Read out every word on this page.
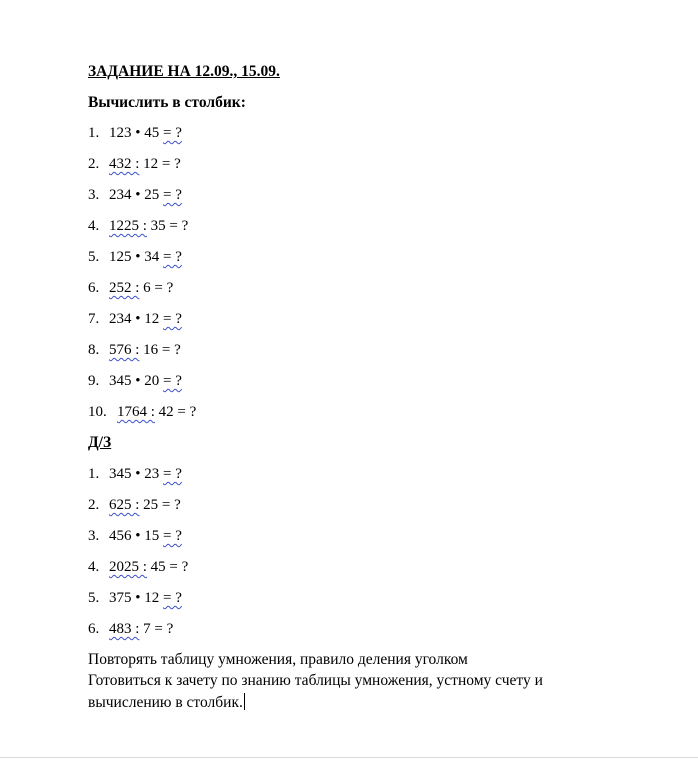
ЗАДАНИЕ НА 12.09., 15.09.
Вычислить в столбик:
1. 123 • 45 = ?
2. 432 : 12 = ?
3. 234 • 25 = ?
4. 1225 : 35 = ?
5. 125 • 34 = ?
6. 252 : 6 = ?
7. 234 • 12 = ?
8. 576 : 16 = ?
9. 345 • 20 = ?
10. 1764 : 42 = ?
Д/З
1. 345 • 23 = ?
2. 625 : 25 = ?
3. 456 • 15 = ?
4. 2025 : 45 = ?
5. 375 • 12 = ?
6. 483 : 7 = ?
Повторять таблицу умножения, правило деления уголком
Готовиться к зачету по знанию таблицы умножения, устному счету и
вычислению в столбик.
